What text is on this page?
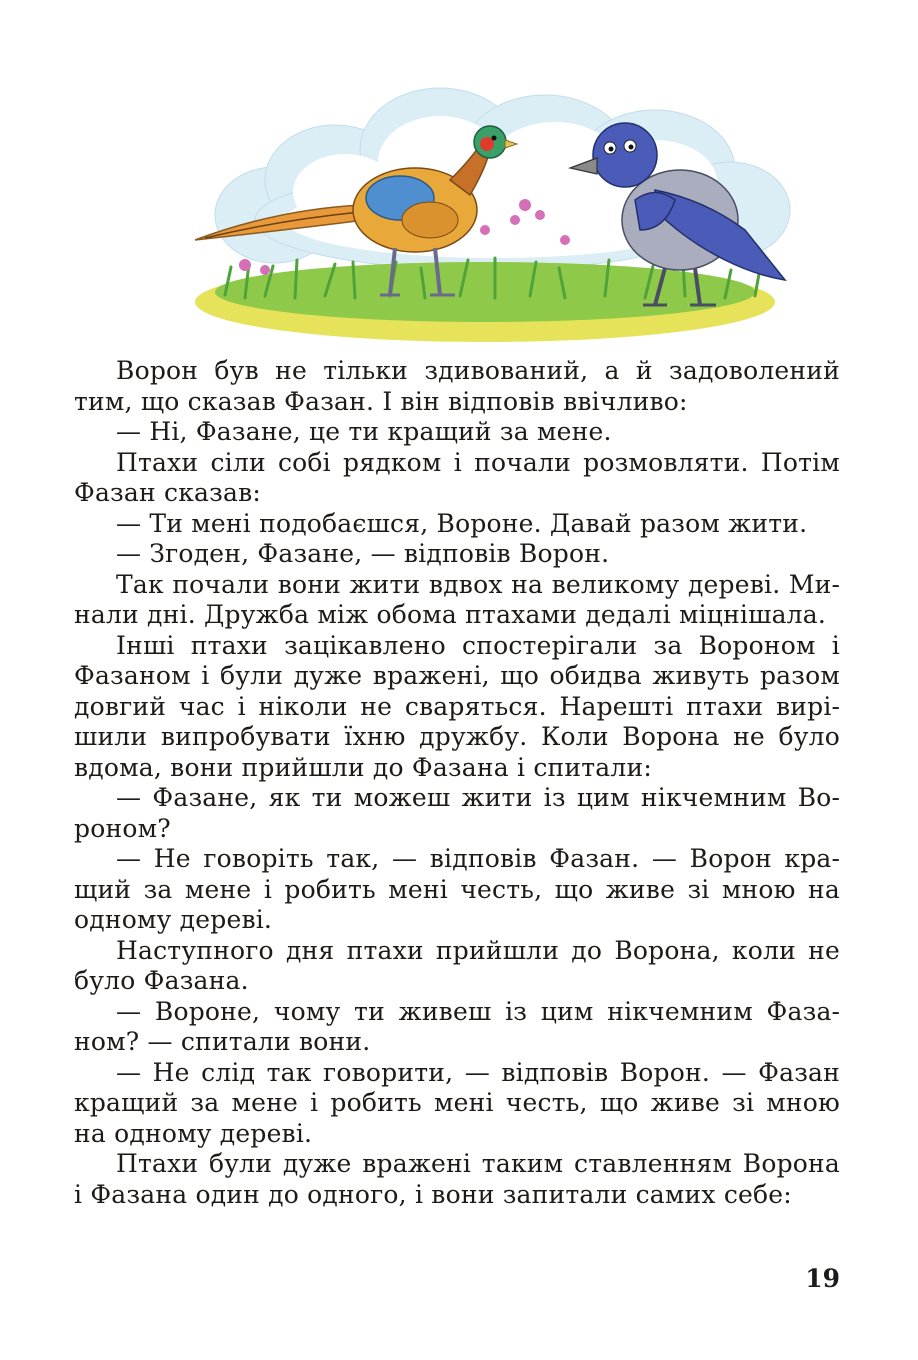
Ворон був не тільки здивований, а й задоволений тим, що сказав Фазан. І він відповів ввічливо:

— Ні, Фазане, це ти кращий за мене.

Птахи сіли собі рядком і почали розмовляти. Потім Фазан сказав:

— Ти мені подобаєшся, Вороне. Давай разом жити.

— Згоден, Фазане, — відповів Ворон.

Так почали вони жити вдвох на великому дереві. Минали дні. Дружба між обома птахами дедалі міцнішала.

Інші птахи зацікавлено спостерігали за Вороном і Фазаном і були дуже вражені, що обидва живуть разом довгий час і ніколи не сваряться. Нарешті птахи вирішили випробувати їхню дружбу. Коли Ворона не було вдома, вони прийшли до Фазана і спитали:

— Фазане, як ти можеш жити із цим нікчемним Вороном?

— Не говоріть так, — відповів Фазан. — Ворон кращий за мене і робить мені честь, що живе зі мною на одному дереві.

Наступного дня птахи прийшли до Ворона, коли не було Фазана.

— Вороне, чому ти живеш із цим нікчемним Фазаном? — спитали вони.

— Не слід так говорити, — відповів Ворон. — Фазан кращий за мене і робить мені честь, що живе зі мною на одному дереві.

Птахи були дуже вражені таким ставленням Ворона і Фазана один до одного, і вони запитали самих себе:

19
